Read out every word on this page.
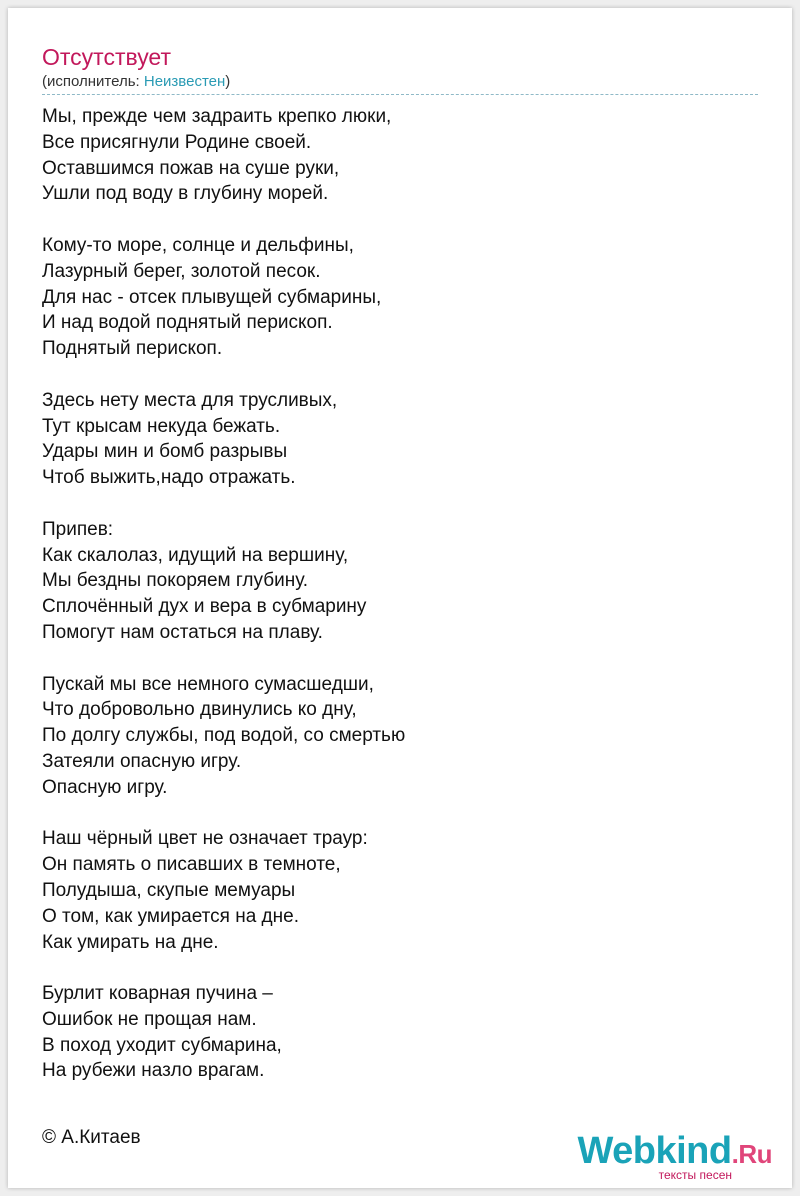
Отсутствует
(исполнитель: Неизвестен)

Мы, прежде чем задраить крепко люки,
Все присягнули Родине своей.
Оставшимся пожав на суше руки,
Ушли под воду в глубину морей.

Кому-то море, солнце и дельфины,
Лазурный берег, золотой песок.
Для нас - отсек плывущей субмарины,
И над водой поднятый перископ.
Поднятый перископ.

Здесь нету места для трусливых,
Тут крысам некуда бежать.
Удары мин и бомб разрывы
Чтоб выжить,надо отражать.

Припев:
Как скалолаз, идущий на вершину,
Мы бездны покоряем глубину.
Сплочённый дух и вера в субмарину
Помогут нам остаться на плаву.

Пускай мы все немного сумасшедши,
Что добровольно двинулись ко дну,
По долгу службы, под водой, со смертью
Затеяли опасную игру.
Опасную игру.

Наш чёрный цвет не означает траур:
Он память о писавших в темноте,
Полудыша, скупые мемуары
О том, как умирается на дне.
Как умирать на дне.

Бурлит коварная пучина –
Ошибок не прощая нам.
В поход уходит субмарина,
На рубежи назло врагам.

© А.Китаев	Webkind.Ru
тексты песен
